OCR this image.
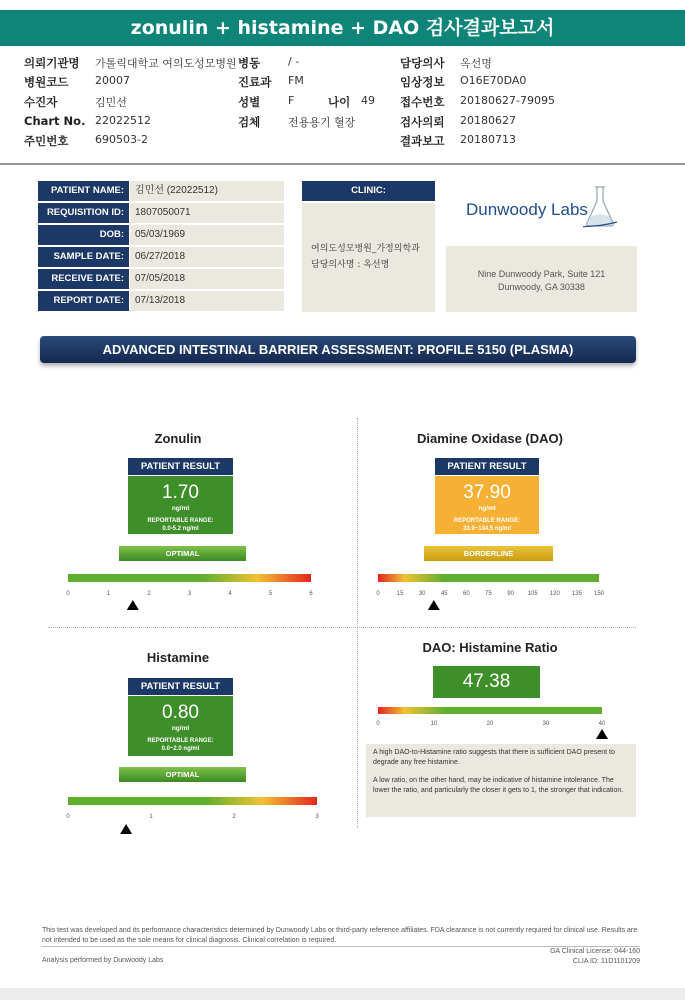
zonulin + histamine + DAO 검사결과보고서
의뢰기관명 가톨릭대학교 여의도성모병원 병동	/ -	담당의사 옥선명
병원코드 20007	진료과 FM	임상정보 O16E70DA0
수진자	김민선	성별	F	나이 49 접수번호 20180627-79095
Chart No. 22022512	검체	전용용기 혈장	검사의뢰 20180627
주민번호 690503-2	결과보고 20180713
PATIENT NAME:	김민선 (22022512)
REQUISITION ID:	1807050071
DOB:	05/03/1969
SAMPLE DATE:	06/27/2018
RECEIVE DATE:	07/05/2018
REPORT DATE:	07/13/2018
CLINIC:
여의도성모병원_가정의학과
담당의사명 : 옥선명
Dunwoody Labs
Nine Dunwoody Park, Suite 121
Dunwoody, GA 30338
ADVANCED INTESTINAL BARRIER ASSESSMENT: PROFILE 5150 (PLASMA)
Zonulin
PATIENT RESULT
1.70
ng/ml
REPORTABLE RANGE:
0.0-5.2 ng/ml
OPTIMAL
0	1	2	3	4	5	6
Diamine Oxidase (DAO)
PATIENT RESULT
37.90
ng/ml
REPORTABLE RANGE:
33.9~134.5 ng/ml
BORDERLINE
0	15	30	45	60	75	90 105 120 135 150
Histamine
PATIENT RESULT
0.80
ng/ml
REPORTABLE RANGE:
0.0~2.0 ng/ml
OPTIMAL
0	1	2	3
DAO: Histamine Ratio
47.38
0	10	20	30	40

A high DAO-to-Histamine ratio suggests that there is sufficient DAO present to degrade any free histamine.

A low ratio, on the other hand, may be indicative of histamine intolerance. The lower the ratio, and particularly the closer it gets to 1, the stronger that indication.

This test was developed and its performance characteristics determined by Dunwoody Labs or third-party reference affiliates. FDA clearance is not currently required for clinical use. Results are not intended to be used as the sole means for clinical diagnosis. Clinical correlation is required.
Analysis performed by Dunwoody Labs
GA Clinical License: 044-160
CLIA ID: 11D1101209
